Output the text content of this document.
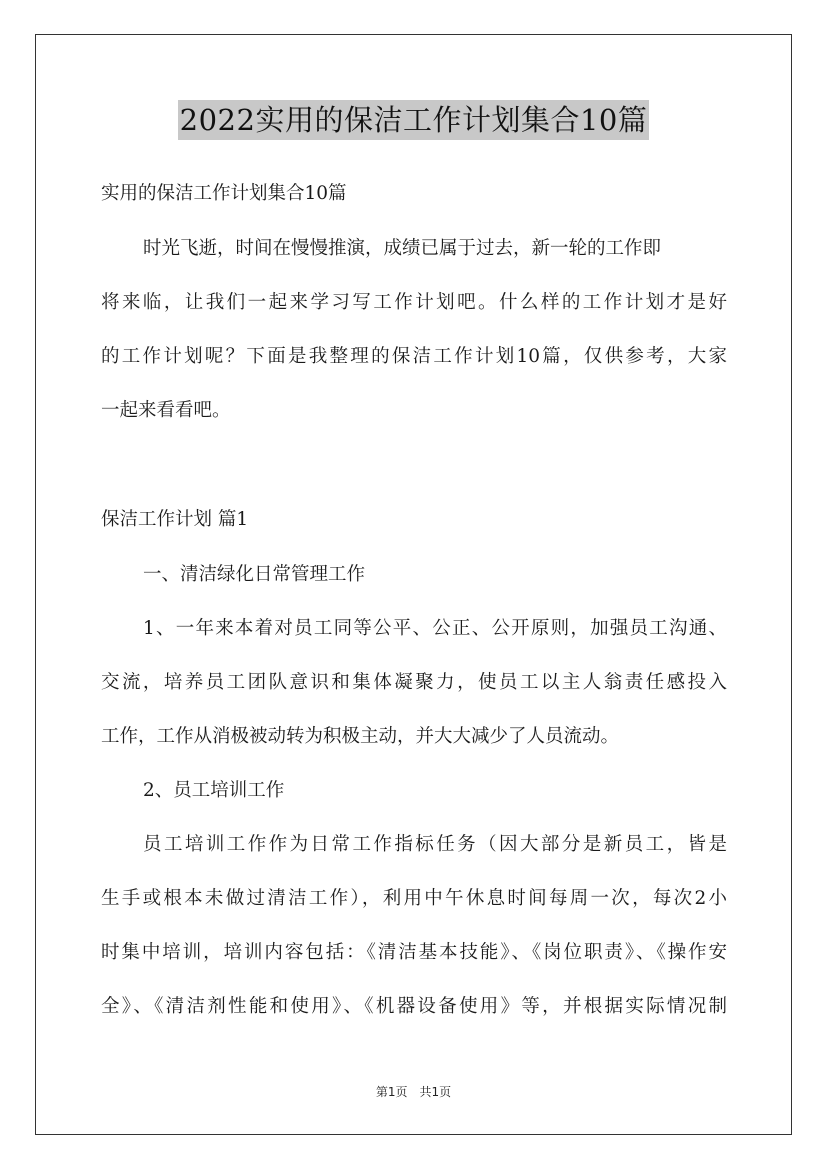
2022实用的保洁工作计划集合10篇
实用的保洁工作计划集合10篇
时光飞逝，时间在慢慢推演，成绩已属于过去，新一轮的工作即
将来临，让我们一起来学习写工作计划吧。什么样的工作计划才是好
的工作计划呢？下面是我整理的保洁工作计划10篇，仅供参考，大家
一起来看看吧。
保洁工作计划 篇1
一、清洁绿化日常管理工作
1、一年来本着对员工同等公平、公正、公开原则，加强员工沟通、
交流，培养员工团队意识和集体凝聚力，使员工以主人翁责任感投入
工作，工作从消极被动转为积极主动，并大大减少了人员流动。
2、员工培训工作
员工培训工作作为日常工作指标任务（因大部分是新员工，皆是
生手或根本未做过清洁工作），利用中午休息时间每周一次，每次2小
时集中培训，培训内容包括：《清洁基本技能》、《岗位职责》、《操作安
全》、《清洁剂性能和使用》、《机器设备使用》等，并根据实际情况制
第1页　共1页
